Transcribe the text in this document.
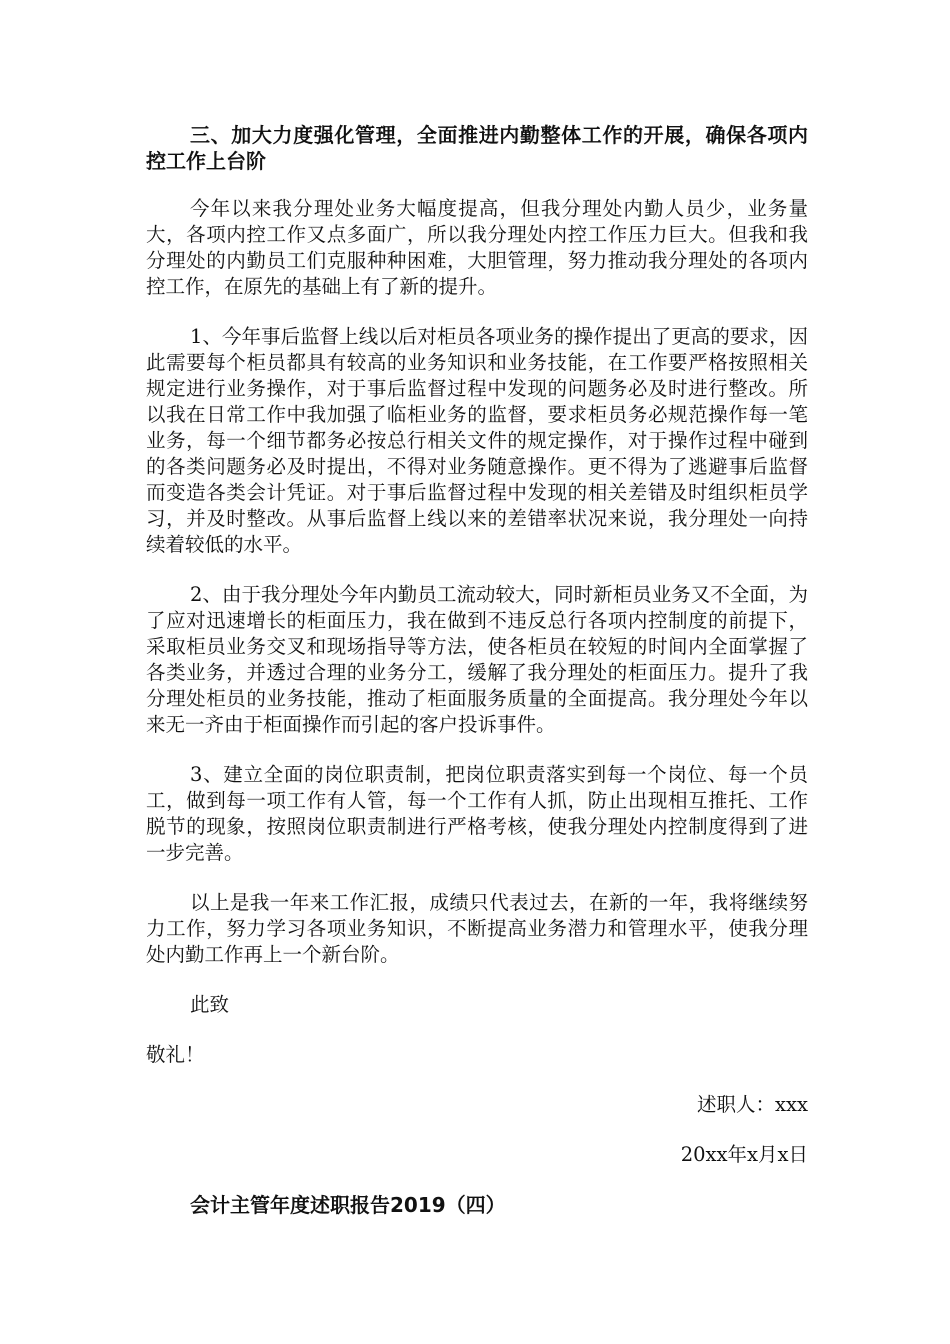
三、加大力度强化管理，全面推进内勤整体工作的开展，确保各项内控工作上台阶

今年以来我分理处业务大幅度提高，但我分理处内勤人员少，业务量大，各项内控工作又点多面广，所以我分理处内控工作压力巨大。但我和我分理处的内勤员工们克服种种困难，大胆管理，努力推动我分理处的各项内控工作，在原先的基础上有了新的提升。

1、今年事后监督上线以后对柜员各项业务的操作提出了更高的要求，因此需要每个柜员都具有较高的业务知识和业务技能，在工作要严格按照相关规定进行业务操作，对于事后监督过程中发现的问题务必及时进行整改。所以我在日常工作中我加强了临柜业务的监督，要求柜员务必规范操作每一笔业务，每一个细节都务必按总行相关文件的规定操作，对于操作过程中碰到的各类问题务必及时提出，不得对业务随意操作。更不得为了逃避事后监督而变造各类会计凭证。对于事后监督过程中发现的相关差错及时组织柜员学习，并及时整改。从事后监督上线以来的差错率状况来说，我分理处一向持续着较低的水平。

2、由于我分理处今年内勤员工流动较大，同时新柜员业务又不全面，为了应对迅速增长的柜面压力，我在做到不违反总行各项内控制度的前提下，采取柜员业务交叉和现场指导等方法，使各柜员在较短的时间内全面掌握了各类业务，并透过合理的业务分工，缓解了我分理处的柜面压力。提升了我分理处柜员的业务技能，推动了柜面服务质量的全面提高。我分理处今年以来无一齐由于柜面操作而引起的客户投诉事件。

3、建立全面的岗位职责制，把岗位职责落实到每一个岗位、每一个员工，做到每一项工作有人管，每一个工作有人抓，防止出现相互推托、工作脱节的现象，按照岗位职责制进行严格考核，使我分理处内控制度得到了进一步完善。

以上是我一年来工作汇报，成绩只代表过去，在新的一年，我将继续努力工作，努力学习各项业务知识，不断提高业务潜力和管理水平，使我分理处内勤工作再上一个新台阶。

此致

敬礼！

述职人：xxx

20xx年x月x日

会计主管年度述职报告2019（四）
